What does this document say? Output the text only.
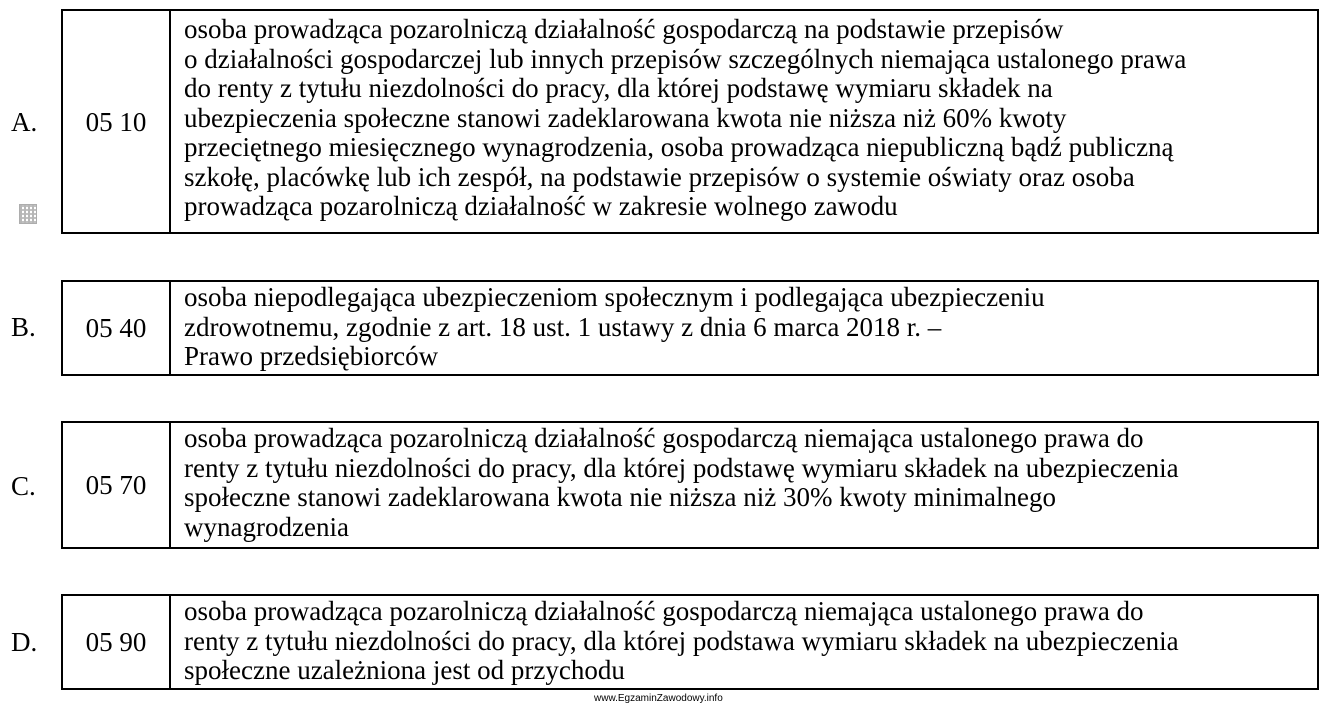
A.	05 10
osoba prowadząca pozarolniczą działalność gospodarczą na podstawie przepisów
o działalności gospodarczej lub innych przepisów szczególnych niemająca ustalonego prawa
do renty z tytułu niezdolności do pracy, dla której podstawę wymiaru składek na
ubezpieczenia społeczne stanowi zadeklarowana kwota nie niższa niż 60% kwoty
przeciętnego miesięcznego wynagrodzenia, osoba prowadząca niepubliczną bądź publiczną
szkołę, placówkę lub ich zespół, na podstawie przepisów o systemie oświaty oraz osoba
prowadząca pozarolniczą działalność w zakresie wolnego zawodu
B.	05 40
osoba niepodlegająca ubezpieczeniom społecznym i podlegająca ubezpieczeniu
zdrowotnemu, zgodnie z art. 18 ust. 1 ustawy z dnia 6 marca 2018 r. –
Prawo przedsiębiorców
C.	05 70
osoba prowadząca pozarolniczą działalność gospodarczą niemająca ustalonego prawa do
renty z tytułu niezdolności do pracy, dla której podstawę wymiaru składek na ubezpieczenia
społeczne stanowi zadeklarowana kwota nie niższa niż 30% kwoty minimalnego
wynagrodzenia
D.	05 90
osoba prowadząca pozarolniczą działalność gospodarczą niemająca ustalonego prawa do
renty z tytułu niezdolności do pracy, dla której podstawa wymiaru składek na ubezpieczenia
społeczne uzależniona jest od przychodu
www.EgzaminZawodowy.info
